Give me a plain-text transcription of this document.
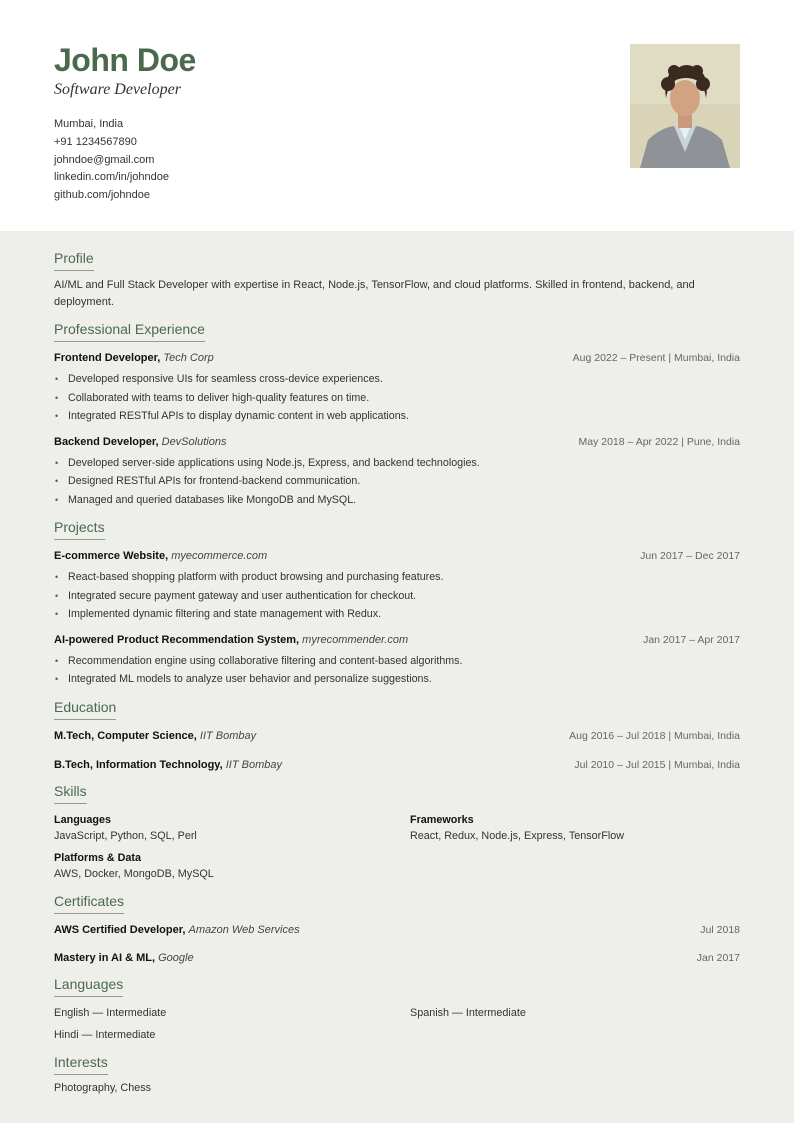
John Doe
Software Developer
Mumbai, India
+91 1234567890
johndoe@gmail.com
linkedin.com/in/johndoe
github.com/johndoe
Profile
AI/ML and Full Stack Developer with expertise in React, Node.js, TensorFlow, and cloud platforms. Skilled in frontend, backend, and deployment.
Professional Experience
Frontend Developer, Tech Corp	Aug 2022 – Present | Mumbai, India
• Developed responsive UIs for seamless cross-device experiences.
• Collaborated with teams to deliver high-quality features on time.
• Integrated RESTful APIs to display dynamic content in web applications.
Backend Developer, DevSolutions	May 2018 – Apr 2022 | Pune, India
• Developed server-side applications using Node.js, Express, and backend technologies.
• Designed RESTful APIs for frontend-backend communication.
• Managed and queried databases like MongoDB and MySQL.
Projects
E-commerce Website, myecommerce.com	Jun 2017 – Dec 2017
• React-based shopping platform with product browsing and purchasing features.
• Integrated secure payment gateway and user authentication for checkout.
• Implemented dynamic filtering and state management with Redux.
AI-powered Product Recommendation System, myrecommender.com	Jan 2017 – Apr 2017
• Recommendation engine using collaborative filtering and content-based algorithms.
• Integrated ML models to analyze user behavior and personalize suggestions.
Education
M.Tech, Computer Science, IIT Bombay	Aug 2016 – Jul 2018 | Mumbai, India
B.Tech, Information Technology, IIT Bombay	Jul 2010 – Jul 2015 | Mumbai, India
Skills
Languages
JavaScript, Python, SQL, Perl
Frameworks
React, Redux, Node.js, Express, TensorFlow
Platforms & Data
AWS, Docker, MongoDB, MySQL
Certificates
AWS Certified Developer, Amazon Web Services	Jul 2018
Mastery in AI & ML, Google	Jan 2017
Languages
English — Intermediate	Spanish — Intermediate
Hindi — Intermediate
Interests
Photography, Chess
